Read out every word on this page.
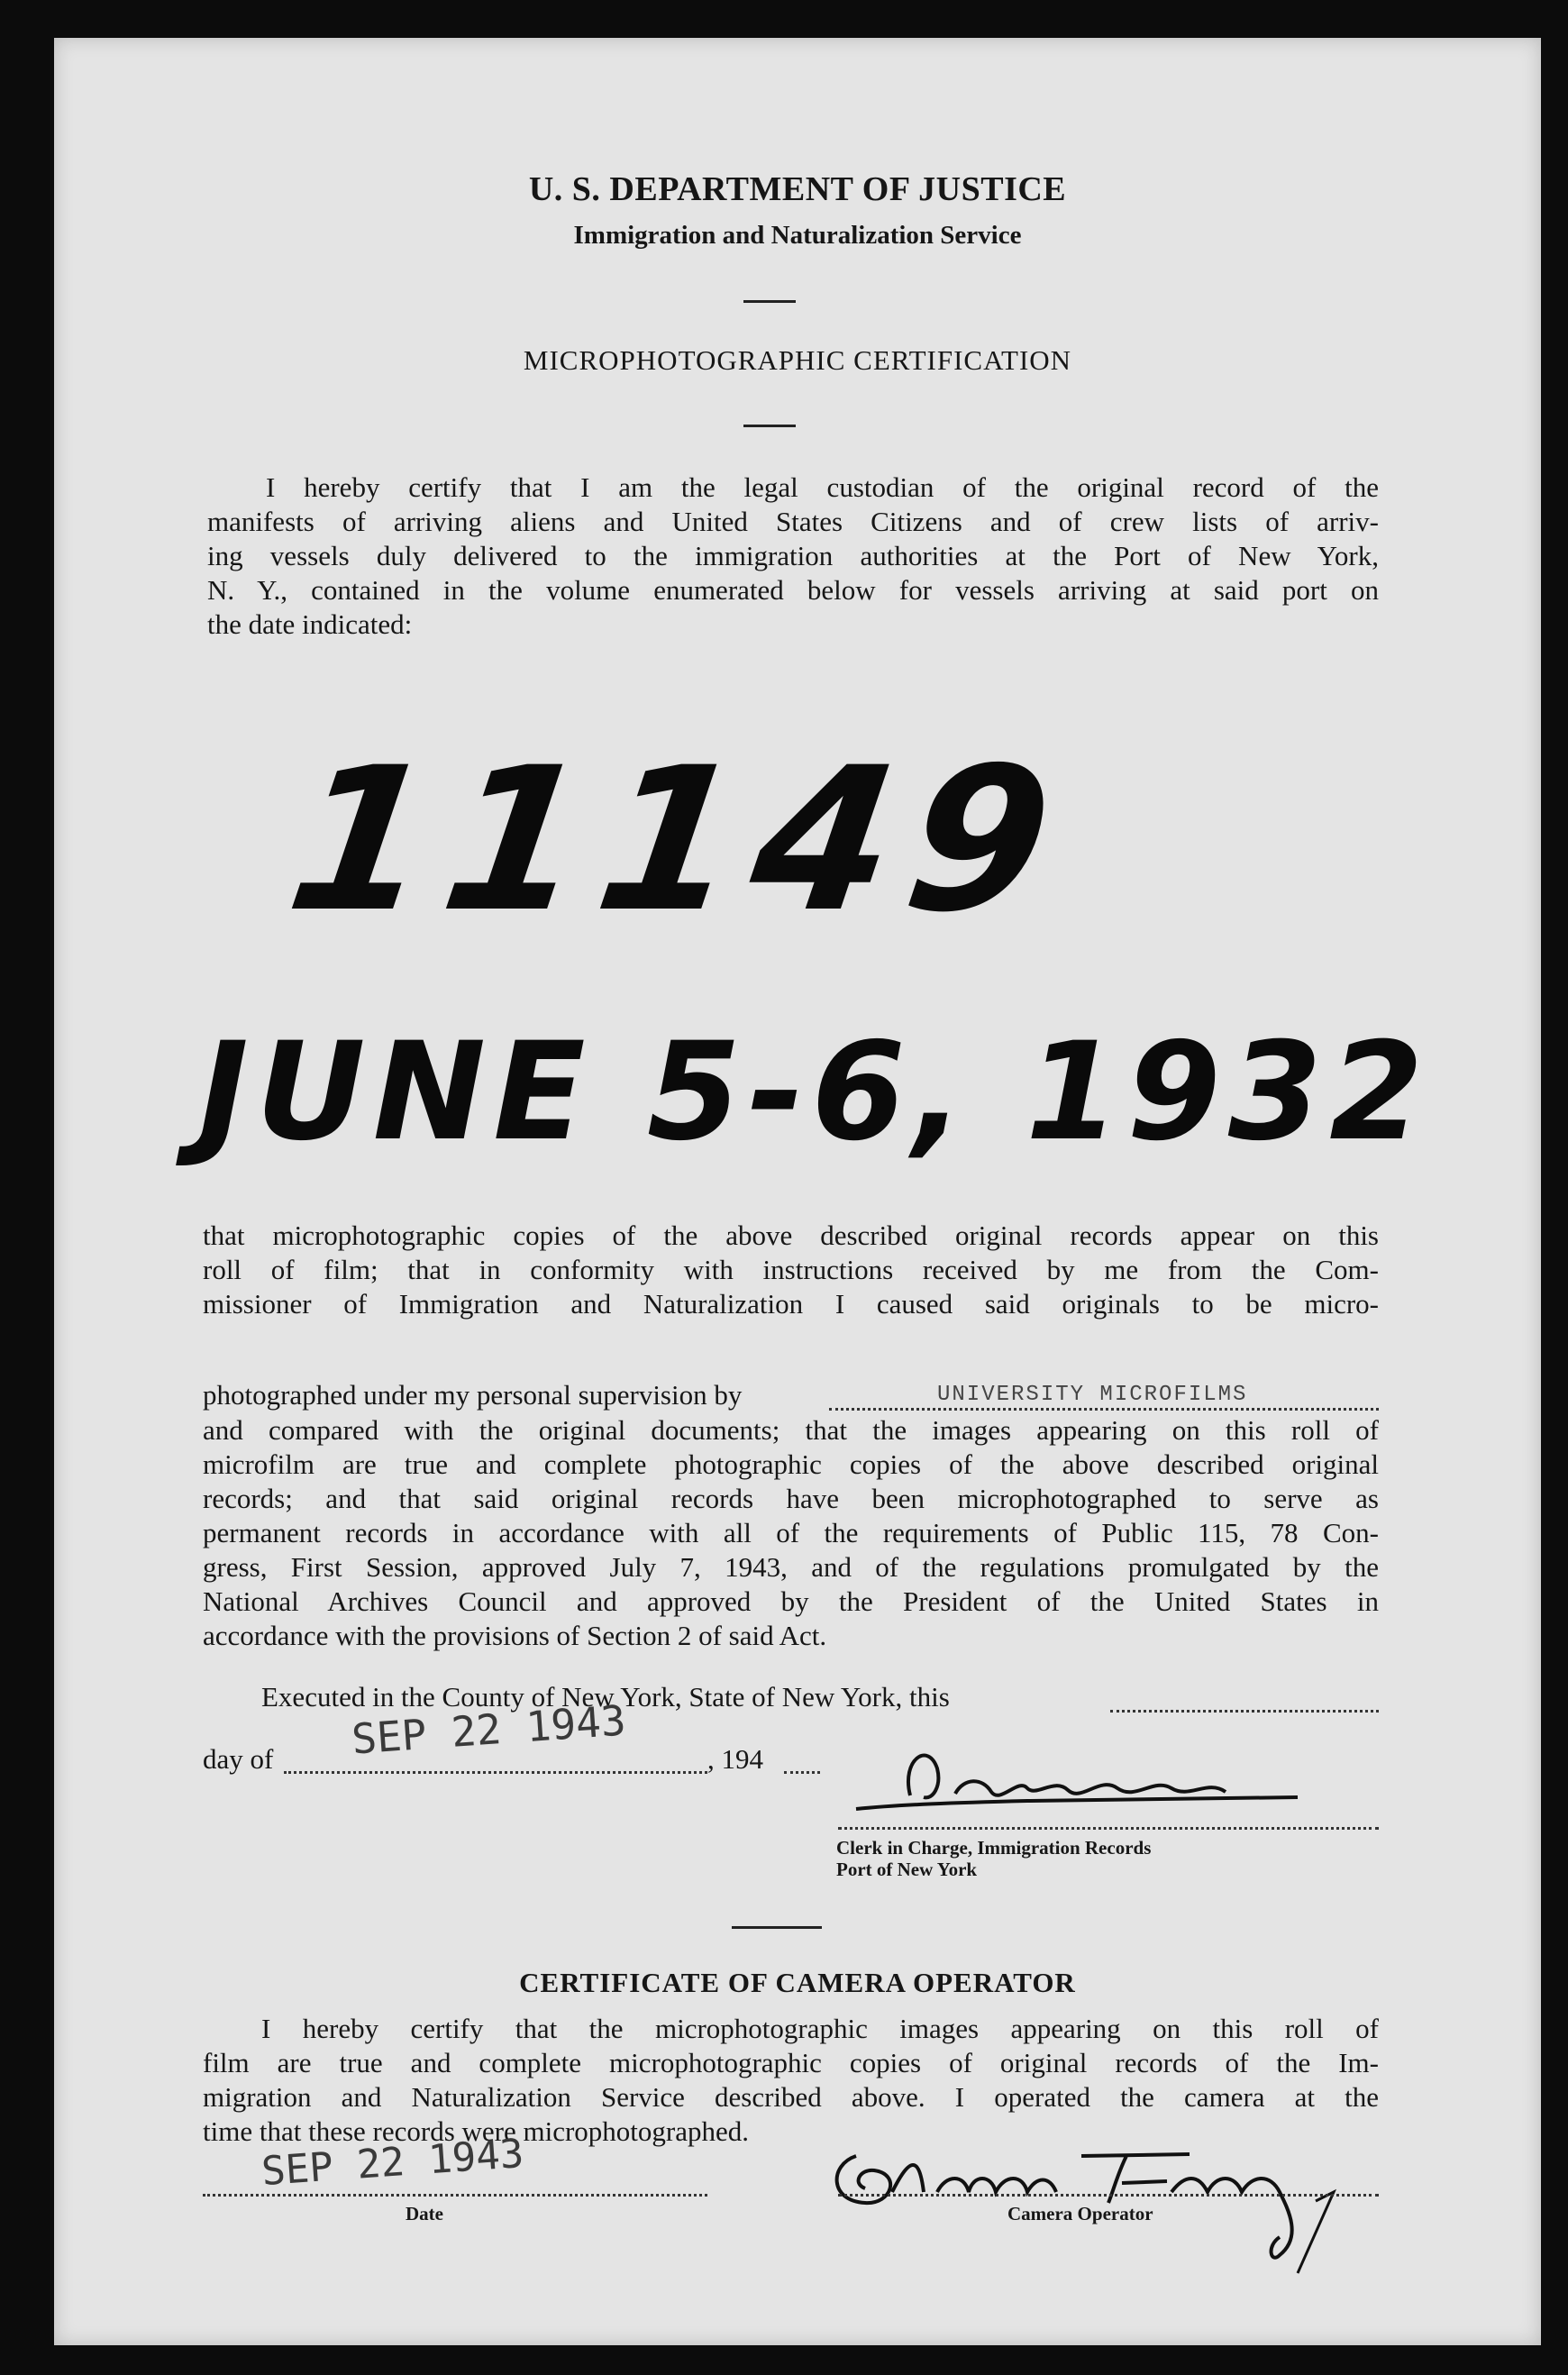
U. S. DEPARTMENT OF JUSTICE
Immigration and Naturalization Service
MICROPHOTOGRAPHIC CERTIFICATION
I hereby certify that I am the legal custodian of the original record of the
manifests of arriving aliens and United States Citizens and of crew lists of arriv-
ing vessels duly delivered to the immigration authorities at the Port of New York,
N. Y., contained in the volume enumerated below for vessels arriving at said port on
the date indicated:
11149
JUNE 5-6, 1932
that microphotographic copies of the above described original records appear on this
roll of film; that in conformity with instructions received by me from the Com-
missioner of Immigration and Naturalization I caused said originals to be micro-
photographed under my personal supervision by	UNIVERSITY MICROFILMS
and compared with the original documents; that the images appearing on this roll of
microfilm are true and complete photographic copies of the above described original
records; and that said original records have been microphotographed to serve as
permanent records in accordance with all of the requirements of Public 115, 78 Con-
gress, First Session, approved July 7, 1943, and of the regulations promulgated by the
National Archives Council and approved by the President of the United States in
accordance with the provisions of Section 2 of said Act.
Executed in the County of New York, State of New York, this
day of SEP 22 1943	, 194
Clerk in Charge, Immigration Records
Port of New York
CERTIFICATE OF CAMERA OPERATOR
I hereby certify that the microphotographic images appearing on this roll of
film are true and complete microphotographic copies of original records of the Im-
migration and Naturalization Service described above. I operated the camera at the
time that these records were microphotographed.
SEP 22 1943
Date	Camera Operator
